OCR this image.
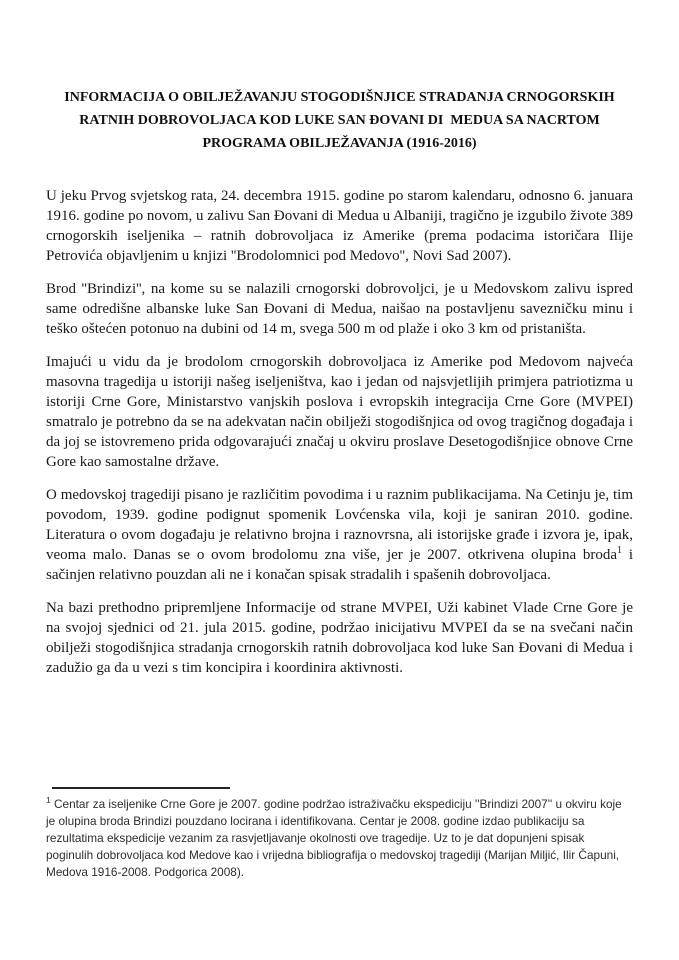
INFORMACIJA O OBILJEŽAVANJU STOGODIŠNJICE STRADANJA CRNOGORSKIH
RATNIH DOBROVOLJACA KOD LUKE SAN ĐOVANI DI  MEDUA SA NACRTOM
PROGRAMA OBILJEŽAVANJA (1916-2016)

U jeku Prvog svjetskog rata, 24. decembra 1915. godine po starom kalendaru, odnosno 6. januara 1916. godine po novom, u zalivu San Đovani di Medua u Albaniji, tragično je izgubilo živote 389 crnogorskih iseljenika – ratnih dobrovoljaca iz Amerike (prema podacima istoričara Ilije Petrovića objavljenim u knjizi ''Brodolomnici pod Medovo'', Novi Sad 2007).

Brod ''Brindizi'', na kome su se nalazili crnogorski dobrovoljci, je u Medovskom zalivu ispred same odredišne albanske luke San Đovani di Medua, naišao na postavljenu savezničku minu i teško oštećen potonuo na dubini od 14 m, svega 500 m od plaže i oko 3 km od pristaništa.

Imajući u vidu da je brodolom crnogorskih dobrovoljaca iz Amerike pod Medovom najveća masovna tragedija u istoriji našeg iseljeništva, kao i jedan od najsvjetlijih primjera patriotizma u istoriji Crne Gore, Ministarstvo vanjskih poslova i evropskih integracija Crne Gore (MVPEI) smatralo je potrebno da se na adekvatan način obilježi stogodišnjica od ovog tragičnog događaja i da joj se istovremeno prida odgovarajući značaj u okviru proslave Desetogodišnjice obnove Crne Gore kao samostalne države.

O medovskoj tragediji pisano je različitim povodima i u raznim publikacijama. Na Cetinju je, tim povodom, 1939. godine podignut spomenik Lovćenska vila, koji je saniran 2010. godine. Literatura o ovom događaju je relativno brojna i raznovrsna, ali istorijske građe i izvora je, ipak, veoma malo. Danas se o ovom brodolomu zna više, jer je 2007. otkrivena olupina broda$^1$ i sačinjen relativno pouzdan ali ne i konačan spisak stradalih i spašenih dobrovoljaca.

Na bazi prethodno pripremljene Informacije od strane MVPEI, Uži kabinet Vlade Crne Gore je na svojoj sjednici od 21. jula 2015. godine, podržao inicijativu MVPEI da se na svečani način obilježi stogodišnjica stradanja crnogorskih ratnih dobrovoljaca kod luke San Đovani di Medua i zadužio ga da u vezi s tim koncipira i koordinira aktivnosti.

$^1$ Centar za iseljenike Crne Gore je 2007. godine podržao istraživačku ekspediciju ''Brindizi 2007'' u okviru koje je olupina broda Brindizi pouzdano locirana i identifikovana. Centar je 2008. godine izdao publikaciju sa rezultatima ekspedicije vezanim za rasvjetljavanje okolnosti ove tragedije. Uz to je dat dopunjeni spisak poginulih dobrovoljaca kod Medove kao i vrijedna bibliografija o medovskoj tragediji (Marijan Miljić, Ilir Čapuni, Medova 1916-2008. Podgorica 2008).
